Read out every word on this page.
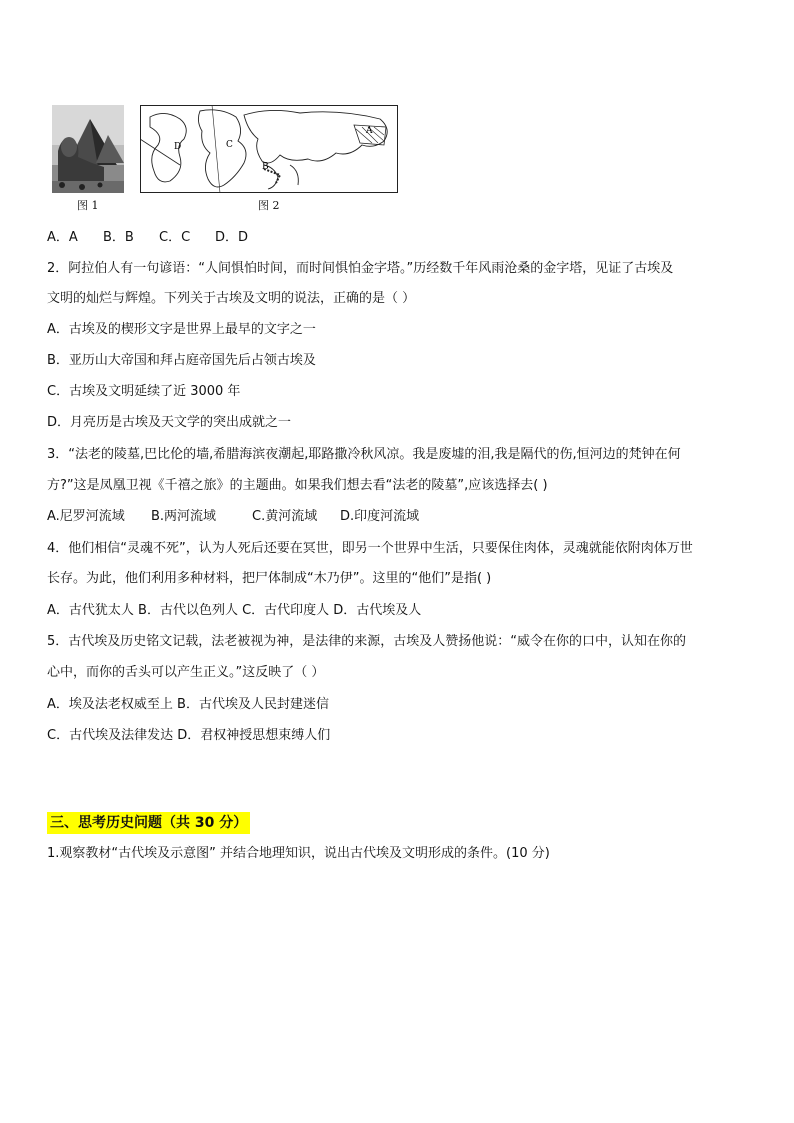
D	C
B
A
图 1	图 2
A．A B．B C．C D．D
2．阿拉伯人有一句谚语：“人间惧怕时间，而时间惧怕金字塔。”历经数千年风雨沧桑的金字塔，见证了古埃及
文明的灿烂与辉煌。下列关于古埃及文明的说法，正确的是（ ）
A．古埃及的楔形文字是世界上最早的文字之一
B．亚历山大帝国和拜占庭帝国先后占领古埃及
C．古埃及文明延续了近 3000 年
D．月亮历是古埃及天文学的突出成就之一
3．“法老的陵墓,巴比伦的墙,希腊海滨夜潮起,耶路撒冷秋风凉。我是废墟的泪,我是隔代的伤,恒河边的梵钟在何
方?”这是凤凰卫视《千禧之旅》的主题曲。如果我们想去看“法老的陵墓”,应该选择去( )
A.尼罗河流域 B.两河流域	C.黄河流域 D.印度河流域
4．他们相信“灵魂不死”，认为人死后还要在冥世，即另一个世界中生活，只要保住肉体，灵魂就能依附肉体万世
长存。为此，他们利用多种材料，把尸体制成“木乃伊”。这里的“他们”是指( )
A．古代犹太人 B．古代以色列人 C．古代印度人 D．古代埃及人
5．古代埃及历史铭文记载，法老被视为神，是法律的来源，古埃及人赞扬他说：“威令在你的口中，认知在你的
心中，而你的舌头可以产生正义。”这反映了（ ）
A．埃及法老权威至上 B．古代埃及人民封建迷信
C．古代埃及法律发达 D．君权神授思想束缚人们
三、思考历史问题（共 30 分）
1.观察教材“古代埃及示意图” 并结合地理知识，说出古代埃及文明形成的条件。(10 分)
